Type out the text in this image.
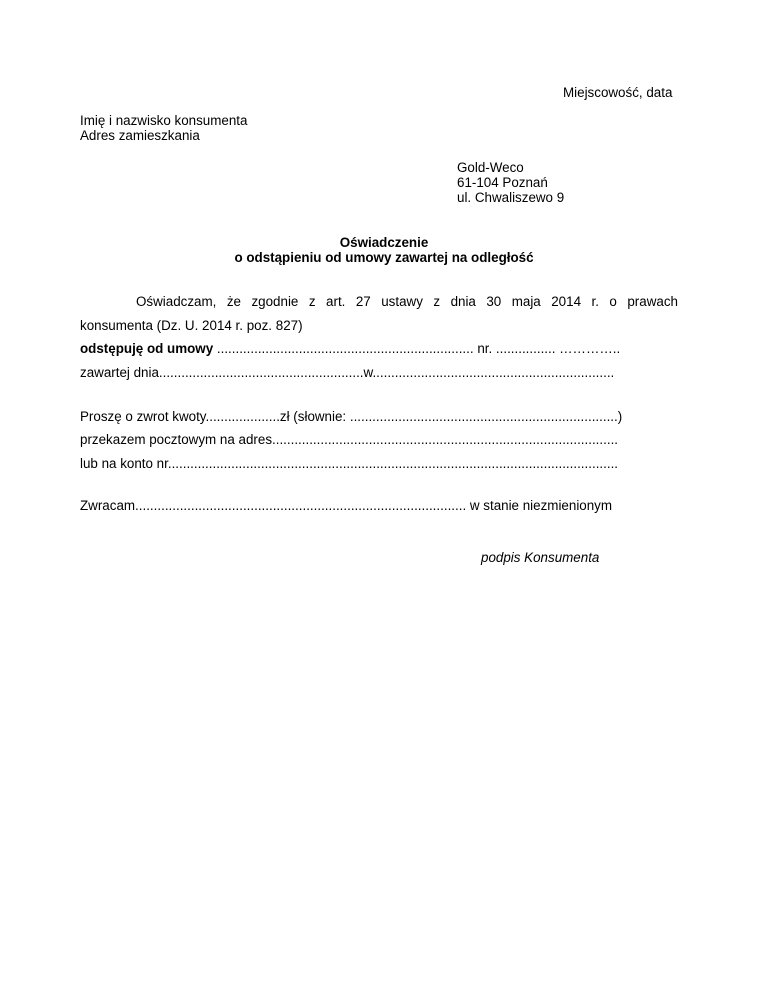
Miejscowość, data
Imię i nazwisko konsumenta
Adres zamieszkania
Gold-Weco
61-104 Poznań
ul. Chwaliszewo 9
Oświadczenie
o odstąpieniu od umowy zawartej na odległość
Oświadczam, że zgodnie z art. 27 ustawy z dnia 30 maja 2014 r. o prawach
konsumenta (Dz. U. 2014 r. poz. 827)
odstępuję od umowy ..................................................................... nr. ................ …………..
zawartej dnia.......................................................w.................................................................
Proszę o zwrot kwoty....................zł (słownie: ........................................................................)
przekazem pocztowym na adres.............................................................................................
lub na konto nr.........................................................................................................................
Zwracam......................................................................................... w stanie niezmienionym
podpis Konsumenta
